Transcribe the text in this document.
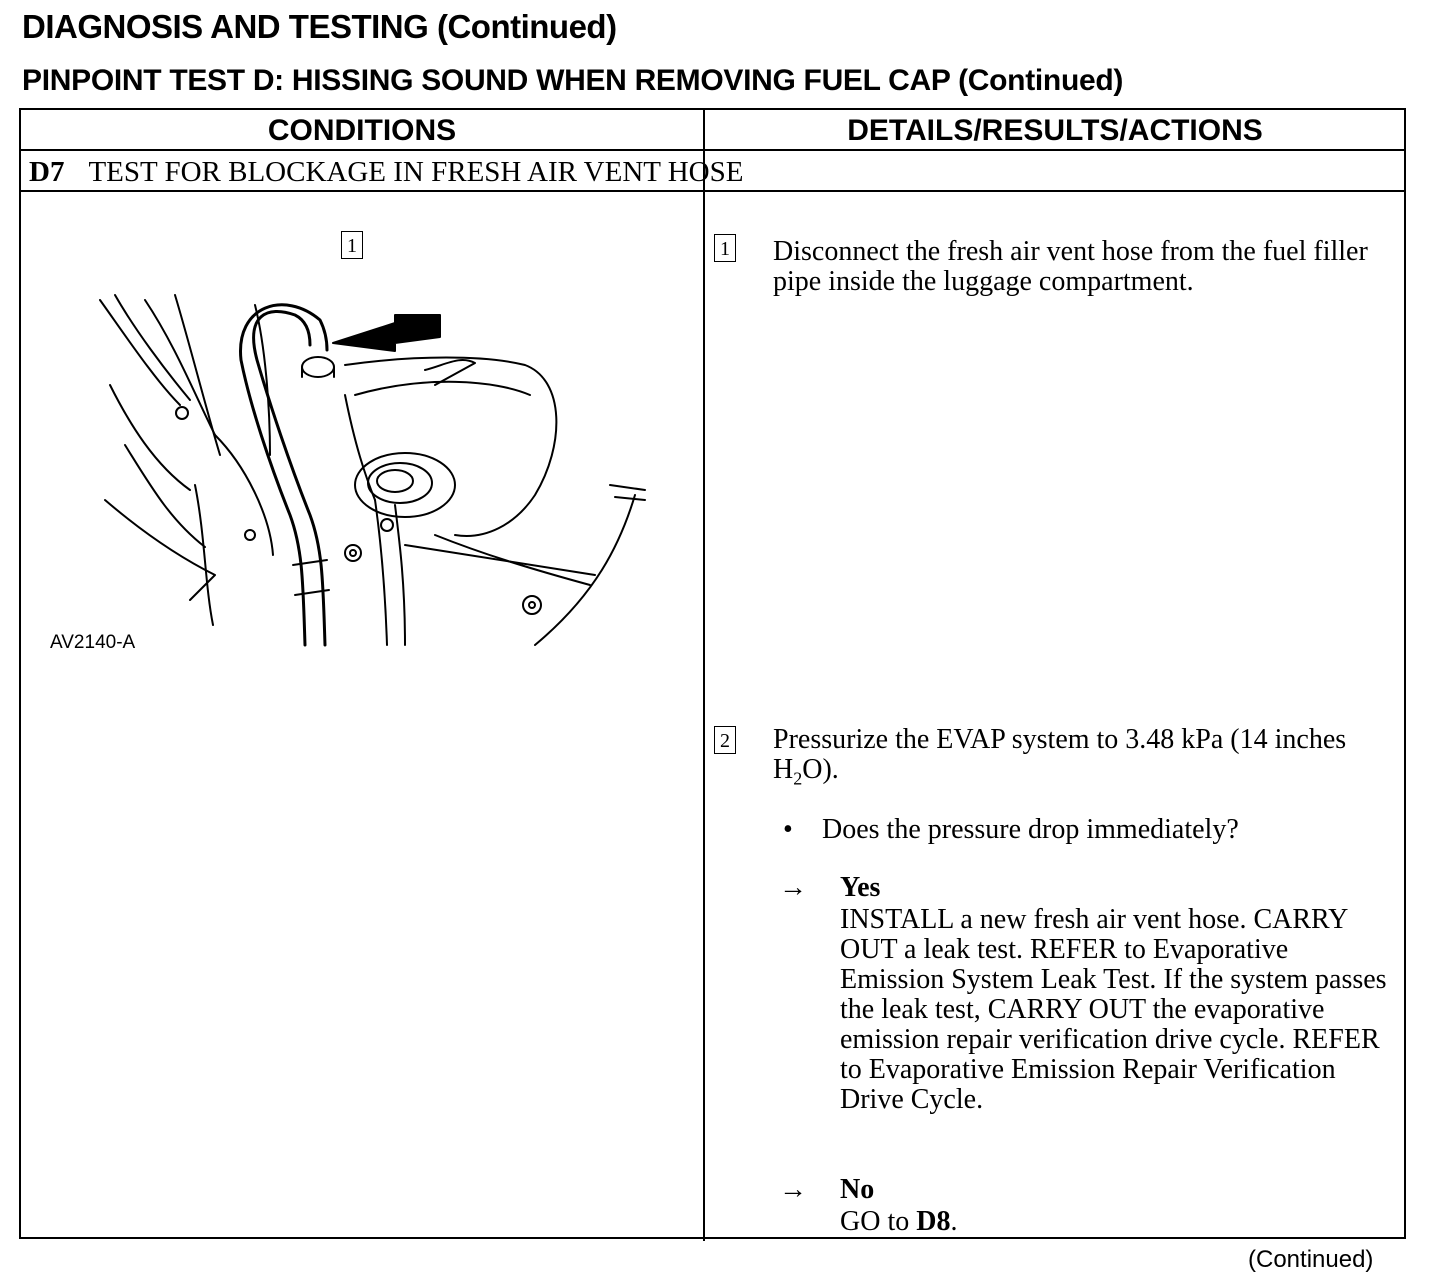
DIAGNOSIS AND TESTING (Continued)
PINPOINT TEST D: HISSING SOUND WHEN REMOVING FUEL CAP (Continued)
CONDITIONS	DETAILS/RESULTS/ACTIONS
D7 TEST FOR BLOCKAGE IN FRESH AIR VENT HOSE
1
AV2140-A
1 Disconnect the fresh air vent hose from the fuel filler pipe inside the luggage compartment.
2 Pressurize the EVAP system to 3.48 kPa (14 inches $H_2O$).
• Does the pressure drop immediately?
→ Yes
INSTALL a new fresh air vent hose. CARRY OUT a leak test. REFER to Evaporative Emission System Leak Test. If the system passes the leak test, CARRY OUT the evaporative emission repair verification drive cycle. REFER to Evaporative Emission Repair Verification Drive Cycle.
→ No
GO to D8.
(Continued)
